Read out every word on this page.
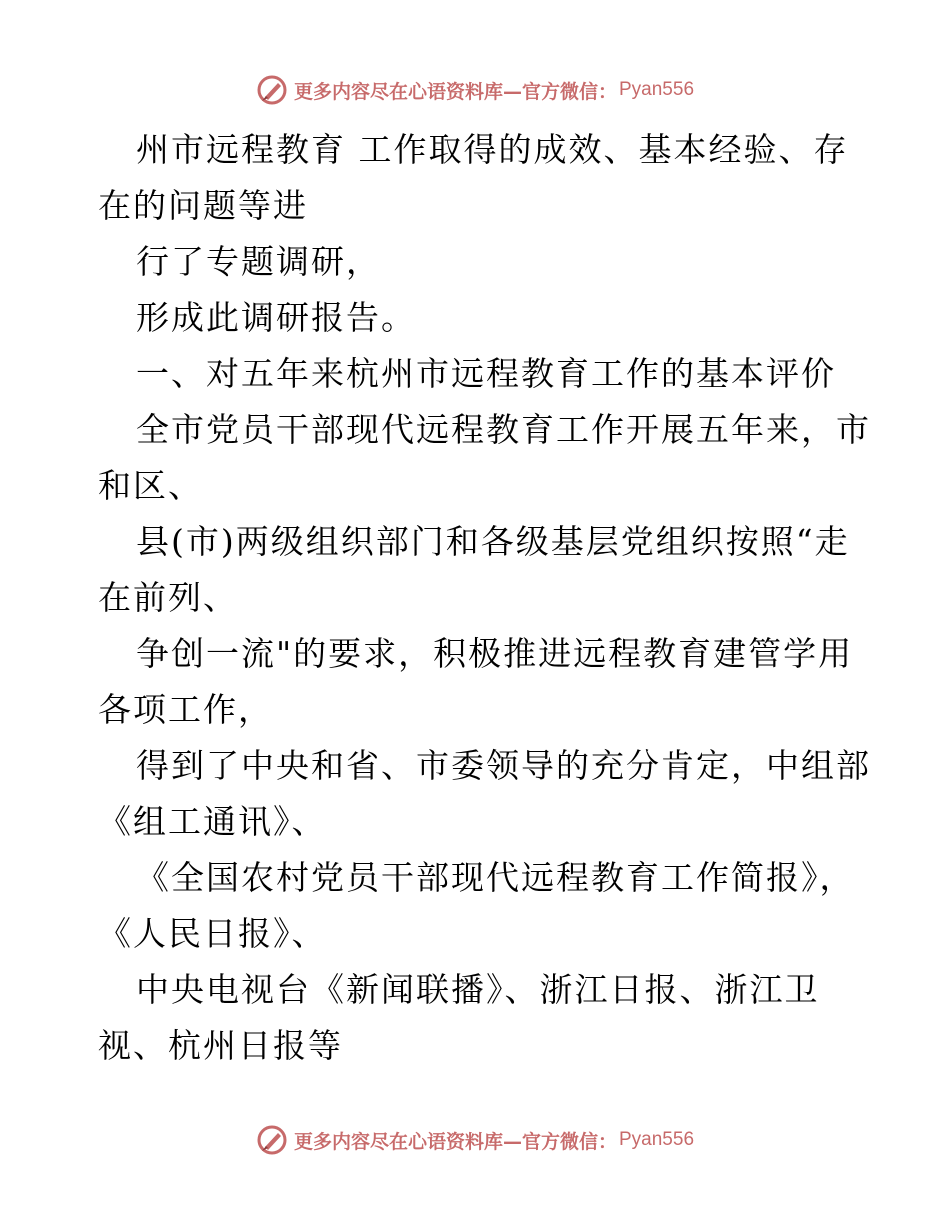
更多内容尽在心语资料库—官方微信： Pyan556
州市远程教育 工作取得的成效、基本经验、存
在的问题等进
行了专题调研，
形成此调研报告。
一、对五年来杭州市远程教育工作的基本评价
全市党员干部现代远程教育工作开展五年来，市
和区、
县(市)两级组织部门和各级基层党组织按照“走
在前列、
争创一流"的要求，积极推进远程教育建管学用
各项工作，
得到了中央和省、市委领导的充分肯定，中组部
《组工通讯》、
《全国农村党员干部现代远程教育工作简报》，
《人民日报》、
中央电视台《新闻联播》、浙江日报、浙江卫
视、杭州日报等
更多内容尽在心语资料库—官方微信： Pyan556
